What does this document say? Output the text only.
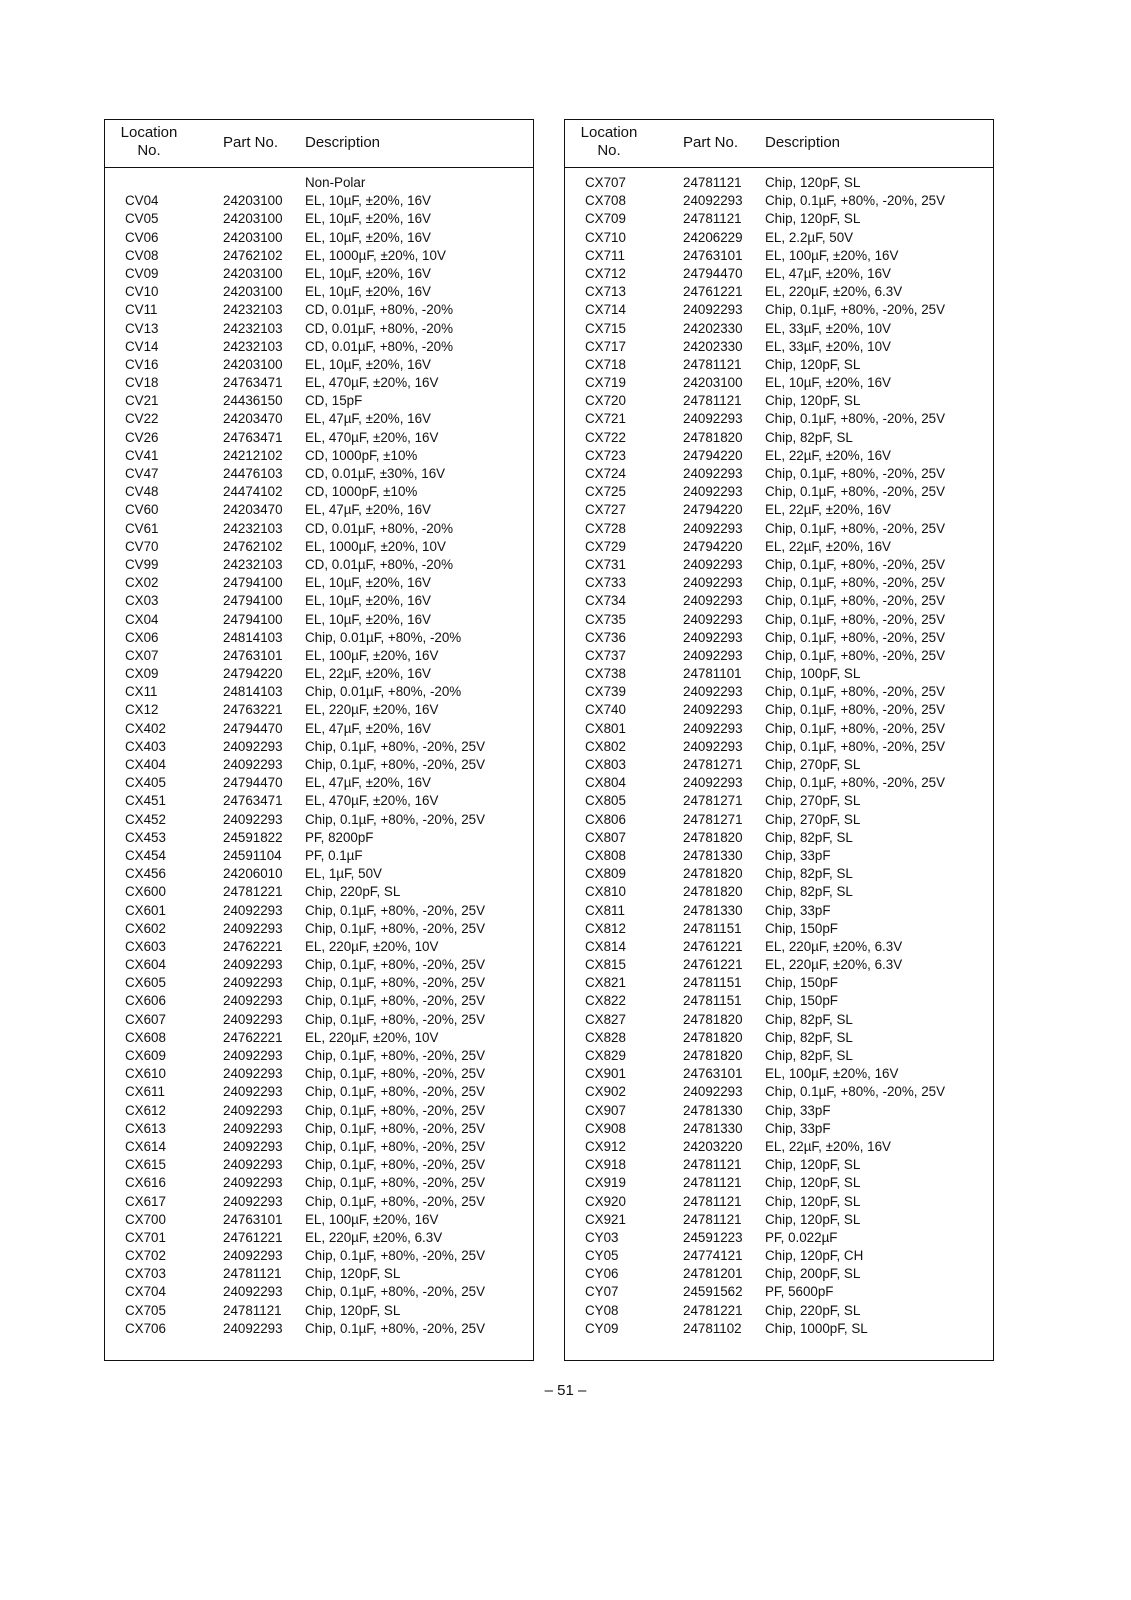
Location No.	Part No. Description
Non-Polar
CV04	24203100 EL, 10µF, ±20%, 16V
CV05	24203100 EL, 10µF, ±20%, 16V
CV06	24203100 EL, 10µF, ±20%, 16V
CV08	24762102 EL, 1000µF, ±20%, 10V
CV09	24203100 EL, 10µF, ±20%, 16V
CV10	24203100 EL, 10µF, ±20%, 16V
CV11	24232103 CD, 0.01µF, +80%, -20%
CV13	24232103 CD, 0.01µF, +80%, -20%
CV14	24232103 CD, 0.01µF, +80%, -20%
CV16	24203100 EL, 10µF, ±20%, 16V
CV18	24763471 EL, 470µF, ±20%, 16V
CV21	24436150 CD, 15pF
CV22	24203470 EL, 47µF, ±20%, 16V
CV26	24763471 EL, 470µF, ±20%, 16V
CV41	24212102 CD, 1000pF, ±10%
CV47	24476103 CD, 0.01µF, ±30%, 16V
CV48	24474102 CD, 1000pF, ±10%
CV60	24203470 EL, 47µF, ±20%, 16V
CV61	24232103 CD, 0.01µF, +80%, -20%
CV70	24762102 EL, 1000µF, ±20%, 10V
CV99	24232103 CD, 0.01µF, +80%, -20%
CX02	24794100 EL, 10µF, ±20%, 16V
CX03	24794100 EL, 10µF, ±20%, 16V
CX04	24794100 EL, 10µF, ±20%, 16V
CX06	24814103 Chip, 0.01µF, +80%, -20%
CX07	24763101 EL, 100µF, ±20%, 16V
CX09	24794220 EL, 22µF, ±20%, 16V
CX11	24814103 Chip, 0.01µF, +80%, -20%
CX12	24763221 EL, 220µF, ±20%, 16V
CX402	24794470 EL, 47µF, ±20%, 16V
CX403	24092293 Chip, 0.1µF, +80%, -20%, 25V
CX404	24092293 Chip, 0.1µF, +80%, -20%, 25V
CX405	24794470 EL, 47µF, ±20%, 16V
CX451	24763471 EL, 470µF, ±20%, 16V
CX452	24092293 Chip, 0.1µF, +80%, -20%, 25V
CX453	24591822 PF, 8200pF
CX454	24591104 PF, 0.1µF
CX456	24206010 EL, 1µF, 50V
CX600	24781221 Chip, 220pF, SL
CX601	24092293 Chip, 0.1µF, +80%, -20%, 25V
CX602	24092293 Chip, 0.1µF, +80%, -20%, 25V
CX603	24762221 EL, 220µF, ±20%, 10V
CX604	24092293 Chip, 0.1µF, +80%, -20%, 25V
CX605	24092293 Chip, 0.1µF, +80%, -20%, 25V
CX606	24092293 Chip, 0.1µF, +80%, -20%, 25V
CX607	24092293 Chip, 0.1µF, +80%, -20%, 25V
CX608	24762221 EL, 220µF, ±20%, 10V
CX609	24092293 Chip, 0.1µF, +80%, -20%, 25V
CX610	24092293 Chip, 0.1µF, +80%, -20%, 25V
CX611	24092293 Chip, 0.1µF, +80%, -20%, 25V
CX612	24092293 Chip, 0.1µF, +80%, -20%, 25V
CX613	24092293 Chip, 0.1µF, +80%, -20%, 25V
CX614	24092293 Chip, 0.1µF, +80%, -20%, 25V
CX615	24092293 Chip, 0.1µF, +80%, -20%, 25V
CX616	24092293 Chip, 0.1µF, +80%, -20%, 25V
CX617	24092293 Chip, 0.1µF, +80%, -20%, 25V
CX700	24763101 EL, 100µF, ±20%, 16V
CX701	24761221 EL, 220µF, ±20%, 6.3V
CX702	24092293 Chip, 0.1µF, +80%, -20%, 25V
CX703	24781121 Chip, 120pF, SL
CX704	24092293 Chip, 0.1µF, +80%, -20%, 25V
CX705	24781121 Chip, 120pF, SL
CX706	24092293 Chip, 0.1µF, +80%, -20%, 25V
Location No.	Part No. Description
CX707	24781121 Chip, 120pF, SL
CX708	24092293 Chip, 0.1µF, +80%, -20%, 25V
CX709	24781121 Chip, 120pF, SL
CX710	24206229 EL, 2.2µF, 50V
CX711	24763101 EL, 100µF, ±20%, 16V
CX712	24794470 EL, 47µF, ±20%, 16V
CX713	24761221 EL, 220µF, ±20%, 6.3V
CX714	24092293 Chip, 0.1µF, +80%, -20%, 25V
CX715	24202330 EL, 33µF, ±20%, 10V
CX717	24202330 EL, 33µF, ±20%, 10V
CX718	24781121 Chip, 120pF, SL
CX719	24203100 EL, 10µF, ±20%, 16V
CX720	24781121 Chip, 120pF, SL
CX721	24092293 Chip, 0.1µF, +80%, -20%, 25V
CX722	24781820 Chip, 82pF, SL
CX723	24794220 EL, 22µF, ±20%, 16V
CX724	24092293 Chip, 0.1µF, +80%, -20%, 25V
CX725	24092293 Chip, 0.1µF, +80%, -20%, 25V
CX727	24794220 EL, 22µF, ±20%, 16V
CX728	24092293 Chip, 0.1µF, +80%, -20%, 25V
CX729	24794220 EL, 22µF, ±20%, 16V
CX731	24092293 Chip, 0.1µF, +80%, -20%, 25V
CX733	24092293 Chip, 0.1µF, +80%, -20%, 25V
CX734	24092293 Chip, 0.1µF, +80%, -20%, 25V
CX735	24092293 Chip, 0.1µF, +80%, -20%, 25V
CX736	24092293 Chip, 0.1µF, +80%, -20%, 25V
CX737	24092293 Chip, 0.1µF, +80%, -20%, 25V
CX738	24781101 Chip, 100pF, SL
CX739	24092293 Chip, 0.1µF, +80%, -20%, 25V
CX740	24092293 Chip, 0.1µF, +80%, -20%, 25V
CX801	24092293 Chip, 0.1µF, +80%, -20%, 25V
CX802	24092293 Chip, 0.1µF, +80%, -20%, 25V
CX803	24781271 Chip, 270pF, SL
CX804	24092293 Chip, 0.1µF, +80%, -20%, 25V
CX805	24781271 Chip, 270pF, SL
CX806	24781271 Chip, 270pF, SL
CX807	24781820 Chip, 82pF, SL
CX808	24781330 Chip, 33pF
CX809	24781820 Chip, 82pF, SL
CX810	24781820 Chip, 82pF, SL
CX811	24781330 Chip, 33pF
CX812	24781151 Chip, 150pF
CX814	24761221 EL, 220µF, ±20%, 6.3V
CX815	24761221 EL, 220µF, ±20%, 6.3V
CX821	24781151 Chip, 150pF
CX822	24781151 Chip, 150pF
CX827	24781820 Chip, 82pF, SL
CX828	24781820 Chip, 82pF, SL
CX829	24781820 Chip, 82pF, SL
CX901	24763101 EL, 100µF, ±20%, 16V
CX902	24092293 Chip, 0.1µF, +80%, -20%, 25V
CX907	24781330 Chip, 33pF
CX908	24781330 Chip, 33pF
CX912	24203220 EL, 22µF, ±20%, 16V
CX918	24781121 Chip, 120pF, SL
CX919	24781121 Chip, 120pF, SL
CX920	24781121 Chip, 120pF, SL
CX921	24781121 Chip, 120pF, SL
CY03	24591223 PF, 0.022µF
CY05	24774121 Chip, 120pF, CH
CY06	24781201 Chip, 200pF, SL
CY07	24591562 PF, 5600pF
CY08	24781221 Chip, 220pF, SL
CY09	24781102 Chip, 1000pF, SL
– 51 –
